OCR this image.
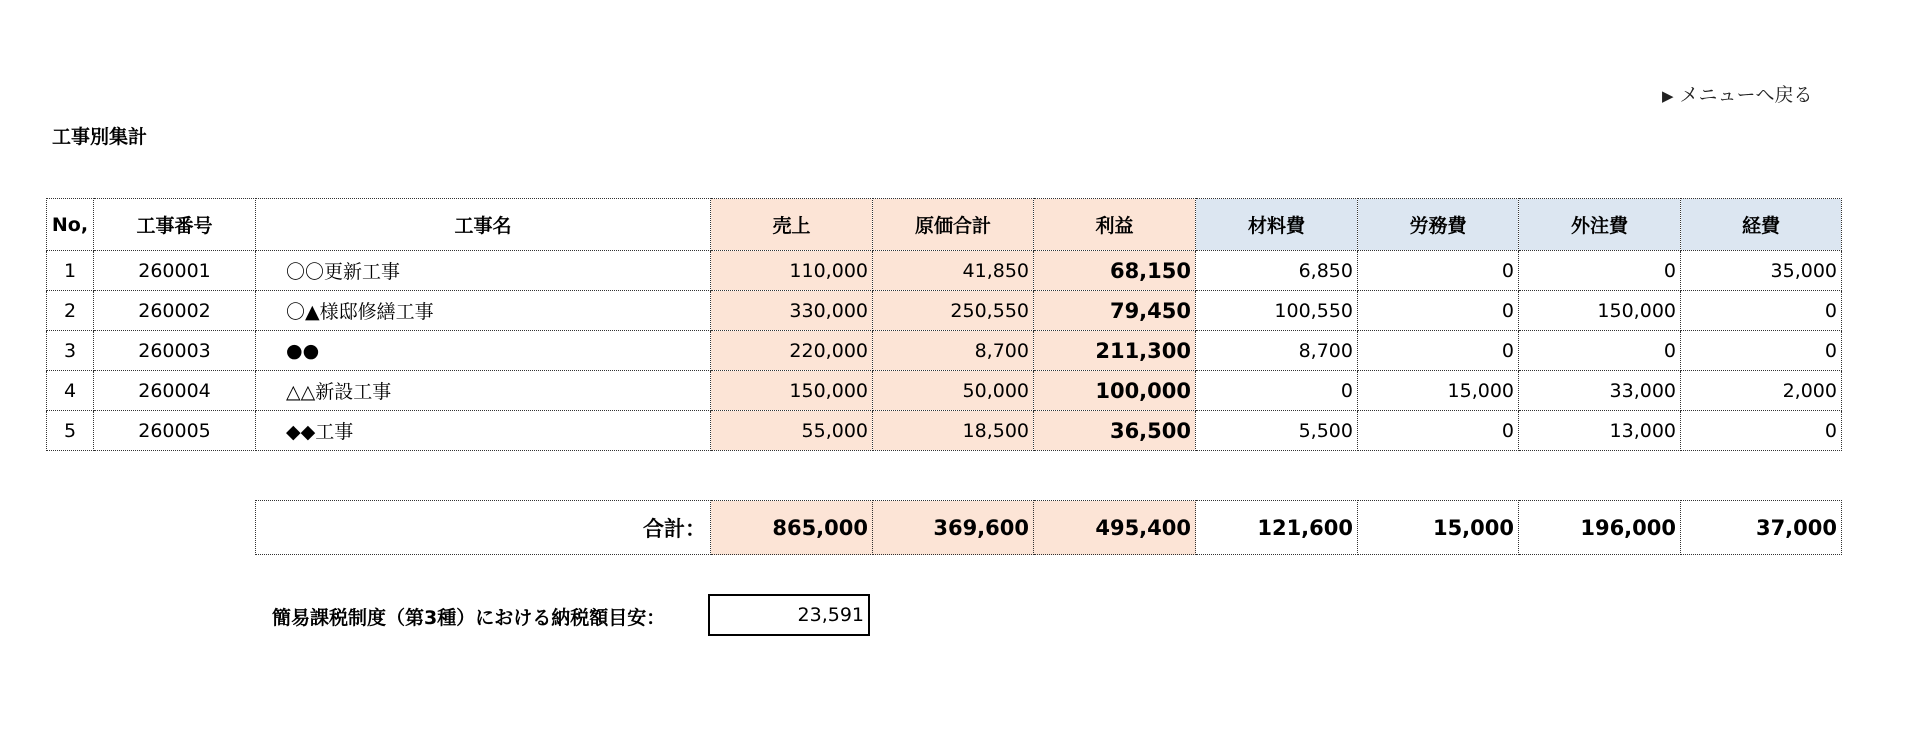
▶ メニューへ戻る
工事別集計
No,	工事番号	工事名	売上	原価合計	利益	材料費	労務費	外注費	経費
1	260001	〇〇更新工事	110,000	41,850	68,150	6,850	0	0	35,000
2	260002	〇▲様邸修繕工事	330,000	250,550	79,450	100,550	0	150,000	0
3	260003	●●	220,000	8,700	211,300	8,700	0	0	0
4	260004	△△新設工事	150,000	50,000	100,000	0	15,000	33,000	2,000
5	260005	◆◆工事	55,000	18,500	36,500	5,500	0	13,000	0
合計：	865,000	369,600	495,400	121,600	15,000	196,000	37,000
簡易課税制度（第3種）における納税額目安：	23,591
